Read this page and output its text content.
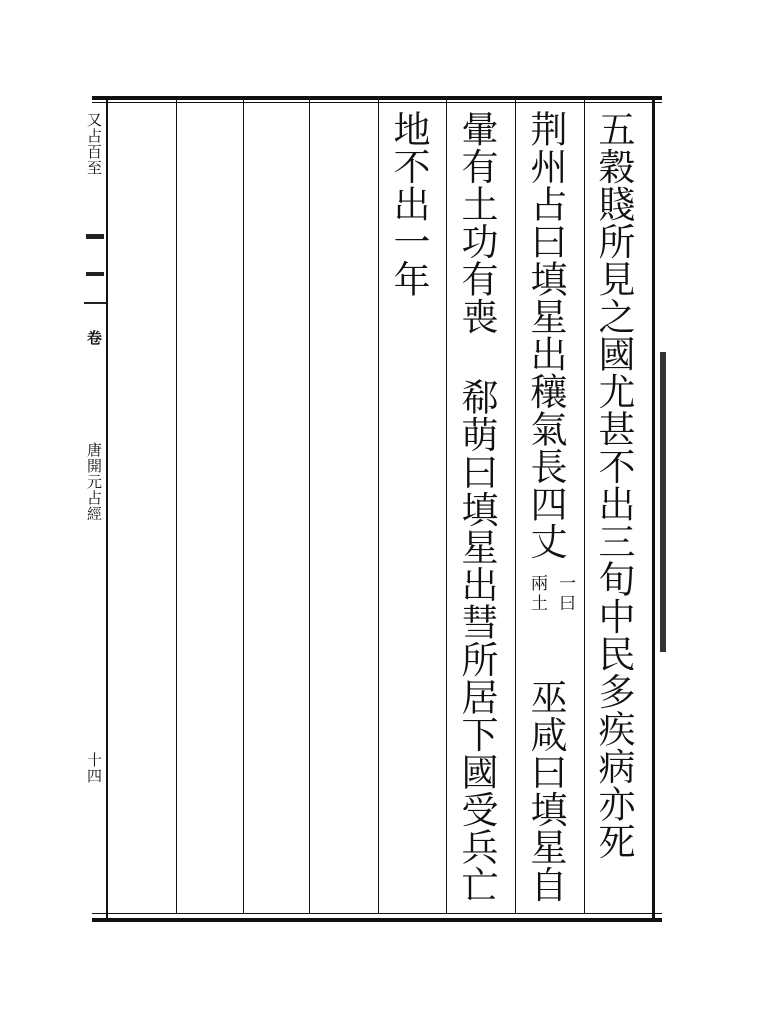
又占百至
卷
唐開元占經
十四	五穀賤所見之國尤甚不出三旬中民多疾病亦死
荆州占曰填星出穰氣長四丈
一曰
兩土
巫咸曰填星自
暈有土功有喪
郗萌曰填星出彗所居下國受兵亡
地不出一年
